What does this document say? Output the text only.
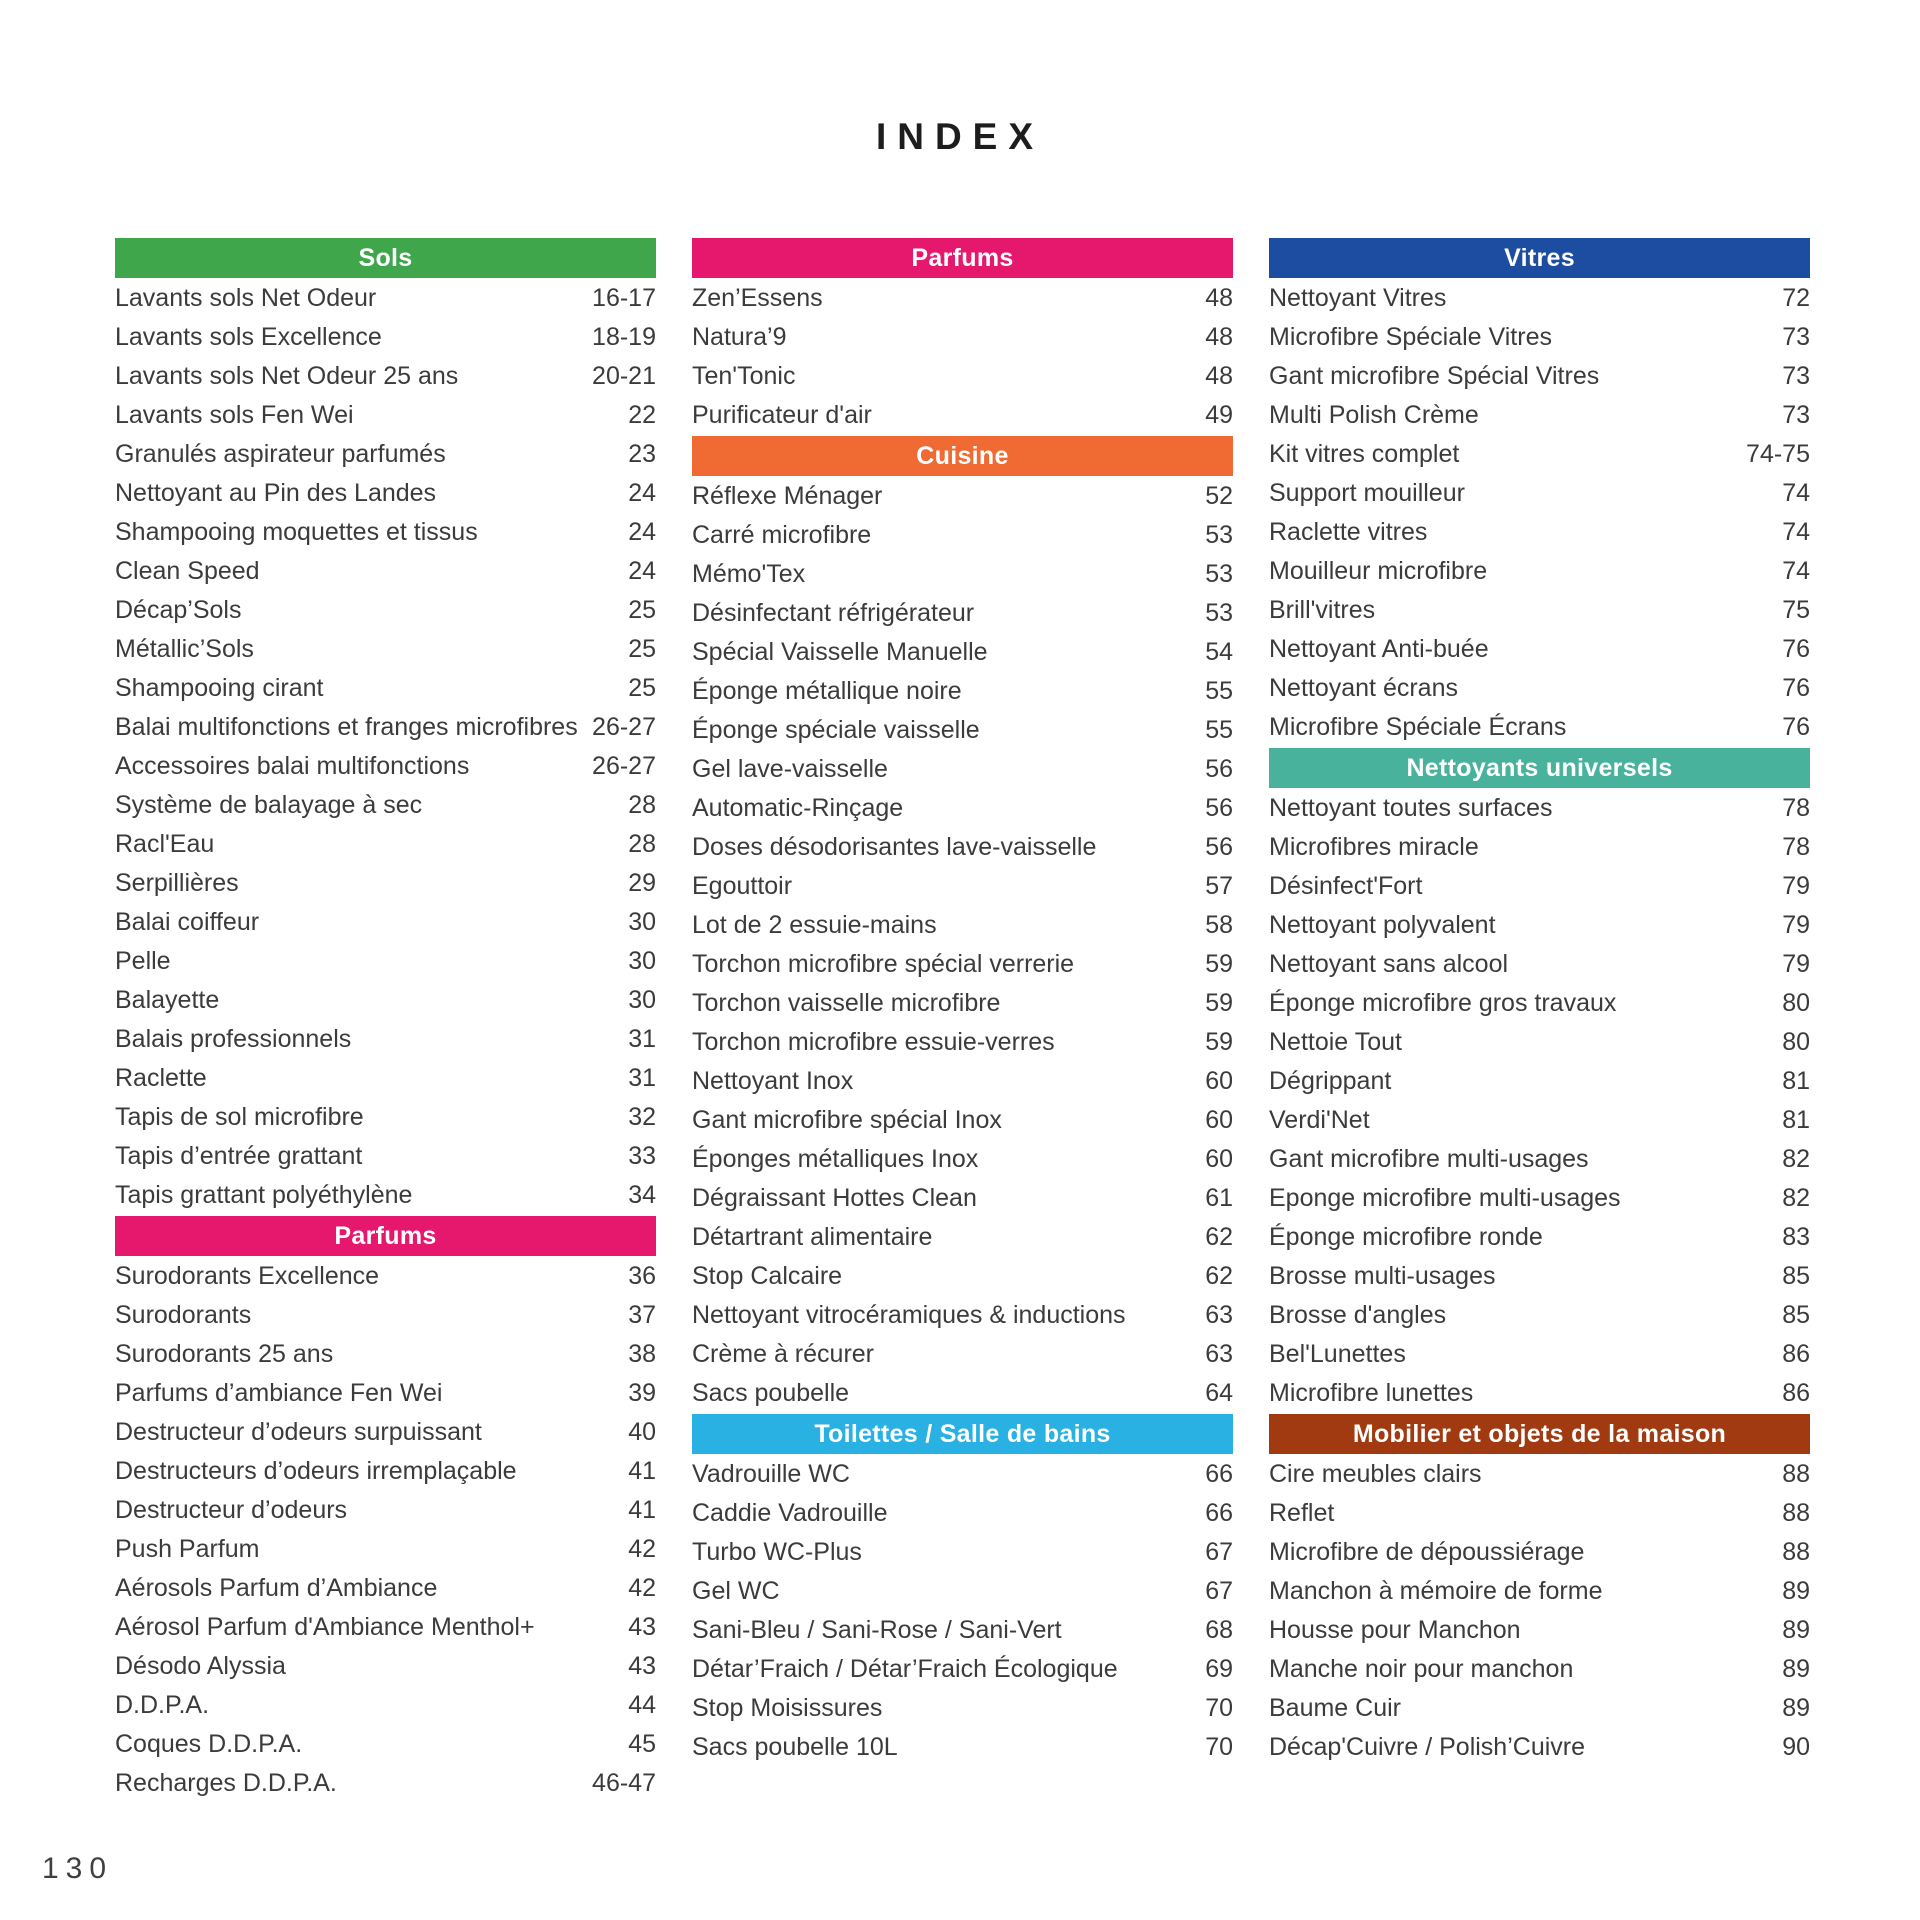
INDEX
Sols
Lavants sols Net Odeur	16-17
Lavants sols Excellence	18-19
Lavants sols Net Odeur 25 ans	20-21
Lavants sols Fen Wei	22
Granulés aspirateur parfumés	23
Nettoyant au Pin des Landes	24
Shampooing moquettes et tissus	24
Clean Speed	24
Décap’Sols	25
Métallic’Sols	25
Shampooing cirant	25
Balai multifonctions et franges microfibres 26-27
Accessoires balai multifonctions	26-27
Système de balayage à sec	28
Racl'Eau	28
Serpillières	29
Balai coiffeur	30
Pelle	30
Balayette	30
Balais professionnels	31
Raclette	31
Tapis de sol microfibre	32
Tapis d’entrée grattant	33
Tapis grattant polyéthylène	34
Parfums
Surodorants Excellence	36
Surodorants	37
Surodorants 25 ans	38
Parfums d’ambiance Fen Wei	39
Destructeur d’odeurs surpuissant	40
Destructeurs d’odeurs irremplaçable	41
Destructeur d’odeurs	41
Push Parfum	42
Aérosols Parfum d’Ambiance	42
Aérosol Parfum d'Ambiance Menthol+	43
Désodo Alyssia	43
D.D.P.A.	44
Coques D.D.P.A.	45
Recharges D.D.P.A.	46-47
Parfums
Zen’Essens	48
Natura’9	48
Ten'Tonic	48
Purificateur d'air	49
Cuisine
Réflexe Ménager	52
Carré microfibre	53
Mémo'Tex	53
Désinfectant réfrigérateur	53
Spécial Vaisselle Manuelle	54
Éponge métallique noire	55
Éponge spéciale vaisselle	55
Gel lave-vaisselle	56
Automatic-Rinçage	56
Doses désodorisantes lave-vaisselle	56
Egouttoir	57
Lot de 2 essuie-mains	58
Torchon microfibre spécial verrerie	59
Torchon vaisselle microfibre	59
Torchon microfibre essuie-verres	59
Nettoyant Inox	60
Gant microfibre spécial Inox	60
Éponges métalliques Inox	60
Dégraissant Hottes Clean	61
Détartrant alimentaire	62
Stop Calcaire	62
Nettoyant vitrocéramiques & inductions	63
Crème à récurer	63
Sacs poubelle	64
Toilettes / Salle de bains
Vadrouille WC	66
Caddie Vadrouille	66
Turbo WC-Plus	67
Gel WC	67
Sani-Bleu / Sani-Rose / Sani-Vert	68
Détar’Fraich / Détar’Fraich Écologique	69
Stop Moisissures	70
Sacs poubelle 10L	70
Vitres
Nettoyant Vitres	72
Microfibre Spéciale Vitres	73
Gant microfibre Spécial Vitres	73
Multi Polish Crème	73
Kit vitres complet	74-75
Support mouilleur	74
Raclette vitres	74
Mouilleur microfibre	74
Brill'vitres	75
Nettoyant Anti-buée	76
Nettoyant écrans	76
Microfibre Spéciale Écrans	76
Nettoyants universels
Nettoyant toutes surfaces	78
Microfibres miracle	78
Désinfect'Fort	79
Nettoyant polyvalent	79
Nettoyant sans alcool	79
Éponge microfibre gros travaux	80
Nettoie Tout	80
Dégrippant	81
Verdi'Net	81
Gant microfibre multi-usages	82
Eponge microfibre multi-usages	82
Éponge microfibre ronde	83
Brosse multi-usages	85
Brosse d'angles	85
Bel'Lunettes	86
Microfibre lunettes	86
Mobilier et objets de la maison
Cire meubles clairs	88
Reflet	88
Microfibre de dépoussiérage	88
Manchon à mémoire de forme	89
Housse pour Manchon	89
Manche noir pour manchon	89
Baume Cuir	89
Décap'Cuivre / Polish’Cuivre	90
130
